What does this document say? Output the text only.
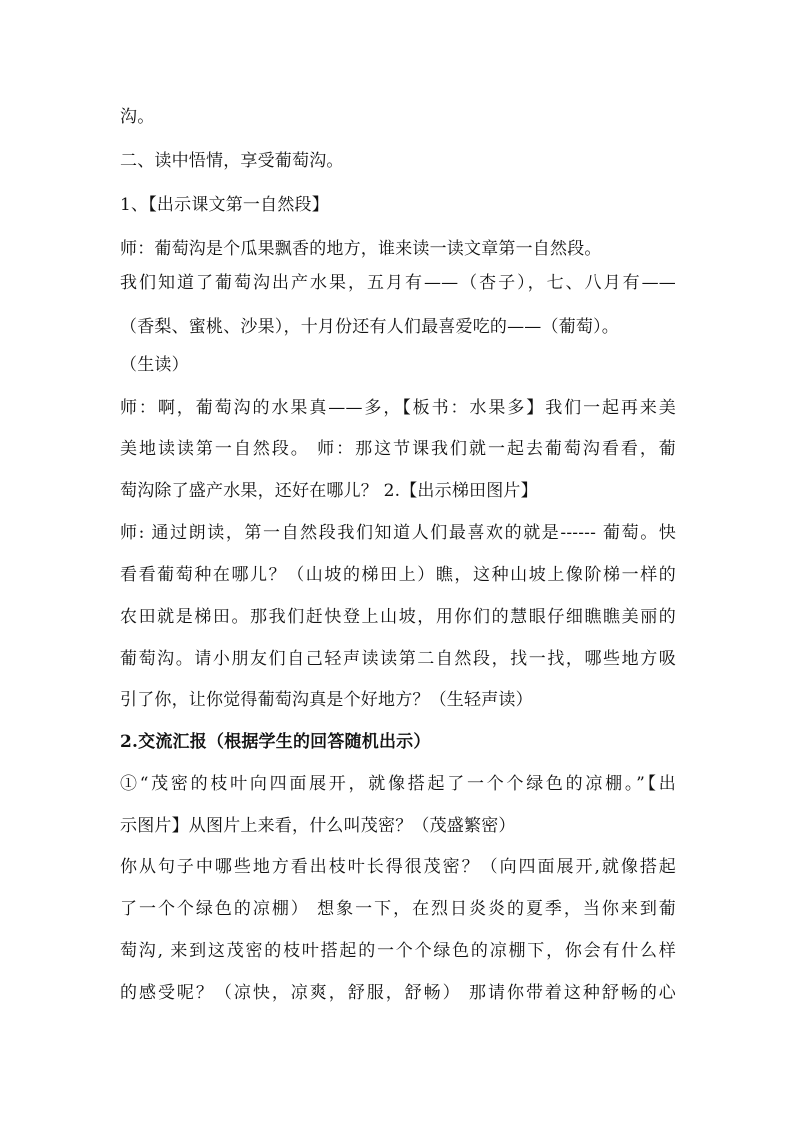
沟。
二、读中悟情，享受葡萄沟。
1、【出示课文第一自然段】
师：葡萄沟是个瓜果飘香的地方，谁来读一读文章第一自然段。
我们知道了葡萄沟出产水果，五月有——（杏子），七、八月有——
（香梨、蜜桃、沙果），十月份还有人们最喜爱吃的——（葡萄）。
（生读）
师：啊，葡萄沟的水果真——多，【板书：水果多】我们一起再来美
美地读读第一自然段。 师：那这节课我们就一起去葡萄沟看看，葡
萄沟除了盛产水果，还好在哪儿？ 2.【出示梯田图片】
师: 通过朗读，第一自然段我们知道人们最喜欢的就是------ 葡萄。快
看看葡萄种在哪儿？（山坡的梯田上）瞧，这种山坡上像阶梯一样的
农田就是梯田。那我们赶快登上山坡，用你们的慧眼仔细瞧瞧美丽的
葡萄沟。请小朋友们自己轻声读读第二自然段，找一找，哪些地方吸
引了你，让你觉得葡萄沟真是个好地方？（生轻声读）
2.交流汇报（根据学生的回答随机出示）
①“茂密的枝叶向四面展开，就像搭起了一个个绿色的凉棚。”【出
示图片】从图片上来看，什么叫茂密？（茂盛繁密）
你从句子中哪些地方看出枝叶长得很茂密？（向四面展开,就像搭起
了一个个绿色的凉棚） 想象一下，在烈日炎炎的夏季，当你来到葡
萄沟, 来到这茂密的枝叶搭起的一个个绿色的凉棚下，你会有什么样
的感受呢？（凉快，凉爽，舒服，舒畅） 那请你带着这种舒畅的心
